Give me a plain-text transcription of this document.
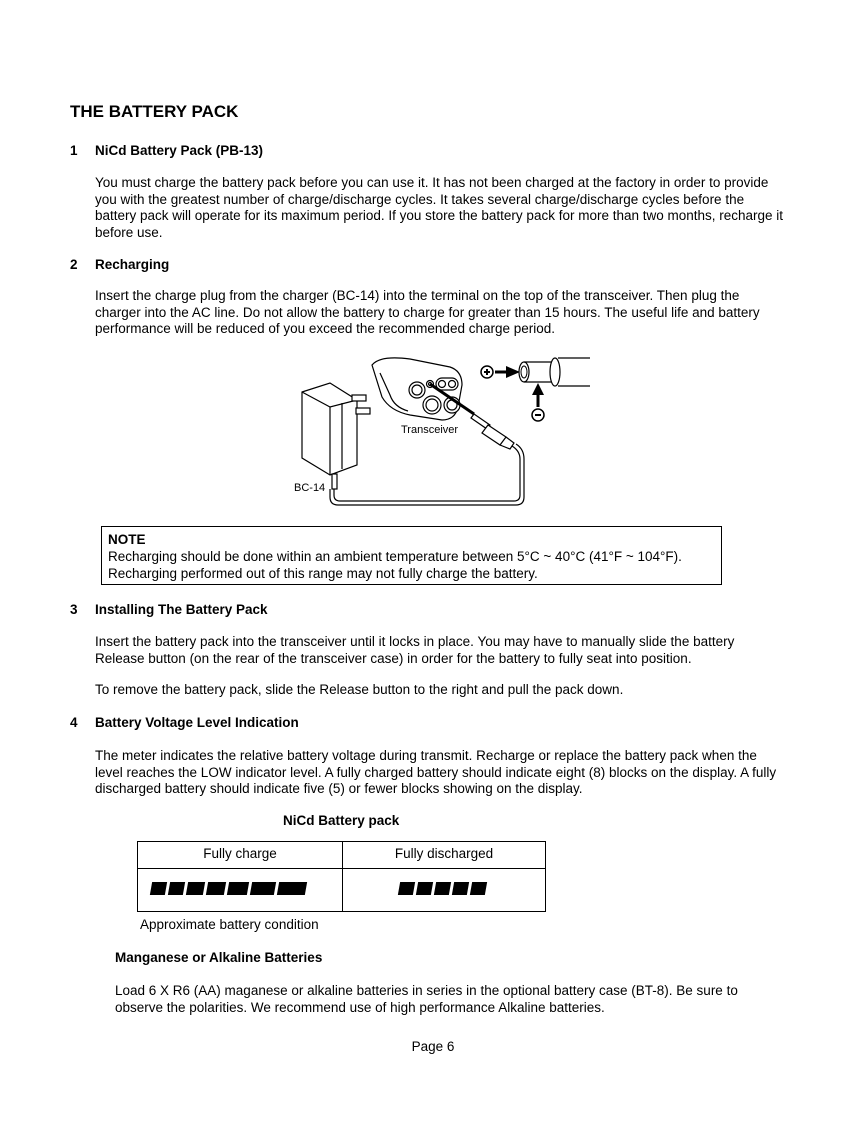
THE BATTERY PACK
1 NiCd Battery Pack (PB-13)
You must charge the battery pack before you can use it. It has not been charged at the factory in order to provide
you with the greatest number of charge/discharge cycles. It takes several charge/discharge cycles before the
battery pack will operate for its maximum period. If you store the battery pack for more than two months, recharge it
before use.
2 Recharging
Insert the charge plug from the charger (BC-14) into the terminal on the top of the transceiver. Then plug the
charger into the AC line. Do not allow the battery to charge for greater than 15 hours. The useful life and battery
performance will be reduced of you exceed the recommended charge period.
Transceiver
BC-14
NOTE
Recharging should be done within an ambient temperature between 5°C ~ 40°C (41°F ~ 104°F).
Recharging performed out of this range may not fully charge the battery.
3 Installing The Battery Pack
Insert the battery pack into the transceiver until it locks in place. You may have to manually slide the battery
Release button (on the rear of the transceiver case) in order for the battery to fully seat into position.
To remove the battery pack, slide the Release button to the right and pull the pack down.
4 Battery Voltage Level Indication
The meter indicates the relative battery voltage during transmit. Recharge or replace the battery pack when the
level reaches the LOW indicator level. A fully charged battery should indicate eight (8) blocks on the display. A fully
discharged battery should indicate five (5) or fewer blocks showing on the display.
NiCd Battery pack
Fully charge	Fully discharged
Approximate battery condition
Manganese or Alkaline Batteries
Load 6 X R6 (AA) maganese or alkaline batteries in series in the optional battery case (BT-8). Be sure to
observe the polarities. We recommend use of high performance Alkaline batteries.
Page 6
